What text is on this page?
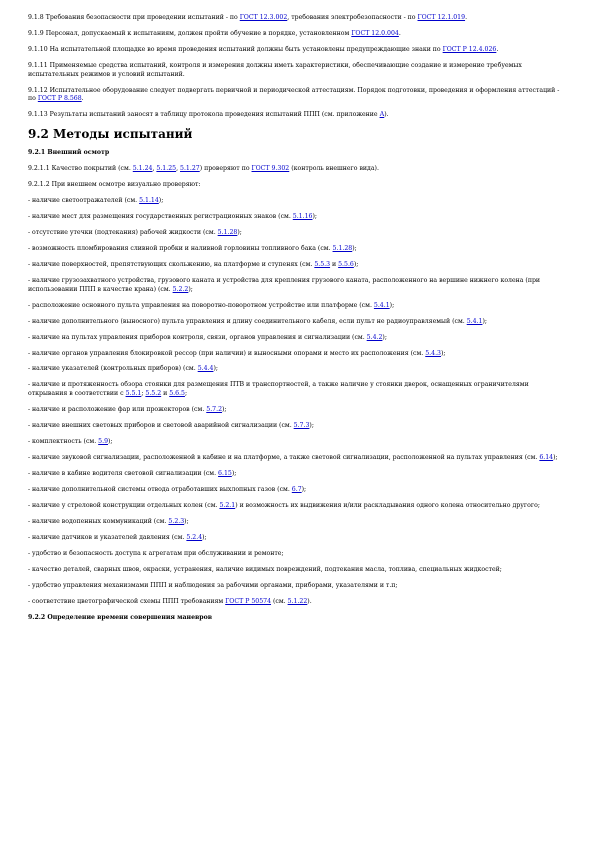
9.1.8 Требования безопасности при проведении испытаний - по ГОСТ 12.3.002, требования электробезопасности - по ГОСТ 12.1.019.

9.1.9 Персонал, допускаемый к испытаниям, должен пройти обучение в порядке, установленном ГОСТ 12.0.004.

9.1.10 На испытательной площадке во время проведения испытаний должны быть установлены предупреждающие знаки по ГОСТ Р 12.4.026.

9.1.11 Применяемые средства испытаний, контроля и измерения должны иметь характеристики, обеспечивающие создание и измерение требуемых испытательных режимов и условий испытаний.

9.1.12 Испытательное оборудование следует подвергать первичной и периодической аттестациям. Порядок подготовки, проведения и оформления аттестаций - по ГОСТ Р 8.568.

9.1.13 Результаты испытаний заносят в таблицу протокола проведения испытаний ППП (см. приложение А).

9.2 Методы испытаний

9.2.1 Внешний осмотр

9.2.1.1 Качество покрытий (см. 5.1.24, 5.1.25, 5.1.27) проверяют по ГОСТ 9.302 (контроль внешнего вида).

9.2.1.2 При внешнем осмотре визуально проверяют:

- наличие светоотражателей (см. 5.1.14);

- наличие мест для размещения государственных регистрационных знаков (см. 5.1.16);

- отсутствие утечки (подтекания) рабочей жидкости (см. 5.1.28);

- возможность пломбирования сливной пробки и наливной горловины топливного бака (см. 5.1.28);

- наличие поверхностей, препятствующих скольжению, на платформе и ступенях (см. 5.5.3 и 5.5.6);

- наличие грузозахватного устройства, грузового каната и устройства для крепления грузового каната, расположенного на вершине нижнего колена (при использовании ППП в качестве крана) (см. 5.2.2);

- расположение основного пульта управления на поворотно-поворотном устройстве или платформе (см. 5.4.1);

- наличие дополнительного (выносного) пульта управления и длину соединительного кабеля, если пульт не радиоуправляемый (см. 5.4.1);

- наличие на пультах управления приборов контроля, связи, органов управления и сигнализации (см. 5.4.2);

- наличие органов управления блокировкой рессор (при наличии) и выносными опорами и место их расположения (см. 5.4.3);

- наличие указателей (контрольных приборов) (см. 5.4.4);

- наличие и протяженность обзора стоянки для размещения ПТВ и транспортностей, а также наличие у стоянки дверок, оснащенных ограничителями открывания в соответствии с 5.5.1; 5.5.2 и 5.6.5;

- наличие и расположение фар или прожекторов (см. 5.7.2);

- наличие внешних световых приборов и световой аварийной сигнализации (см. 5.7.3);

- комплектность (см. 5.9);

- наличие звуковой сигнализации, расположенной в кабине и на платформе, а также световой сигнализации, расположенной на пультах управления (см. 6.14);

- наличие в кабине водителя световой сигнализации (см. 6.15);

- наличие дополнительной системы отвода отработавших выхлопных газов (см. 6.7);

- наличие у стреловой конструкции отдельных колен (см. 5.2.1) и возможность их выдвижения и/или раскладывания одного колена относительно другого;

- наличие водопенных коммуникаций (см. 5.2.3);

- наличие датчиков и указателей давления (см. 5.2.4);

- удобство и безопасность доступа к агрегатам при обслуживании и ремонте;

- качество деталей, сварных швов, окраски, устранения, наличие видимых повреждений, подтекания масла, топлива, специальных жидкостей;

- удобство управления механизмами ППП и наблюдения за рабочими органами, приборами, указателями и т.п;

- соответствие цветографической схемы ППП требованиям ГОСТ Р 50574 (см. 5.1.22).

9.2.2 Определение времени совершения маневров
